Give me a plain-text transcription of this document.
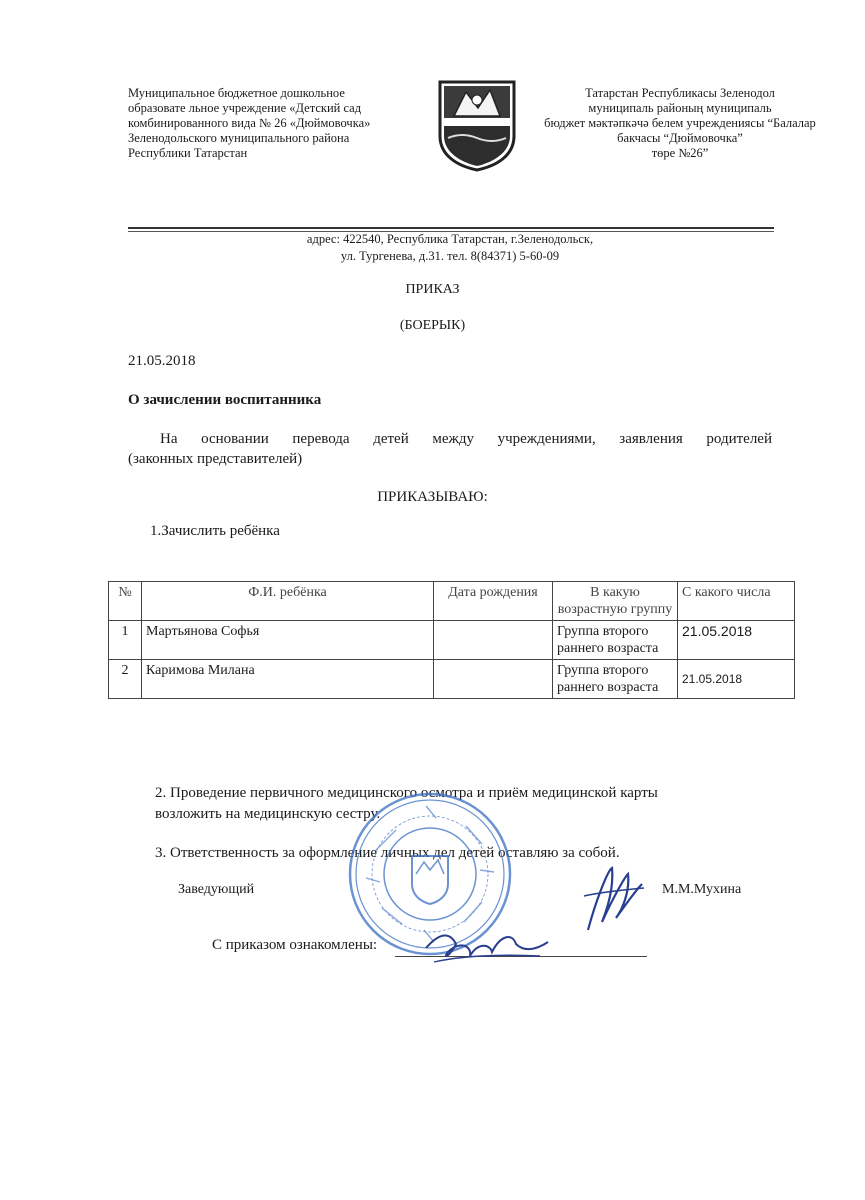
Муниципальное бюджетное дошкольное
образовате льное учреждение «Детский сад
комбинированного вида № 26 «Дюймовочка»
Зеленодольского муниципального района
Республики Татарстан
Татарстан Республикасы Зеленодол
муниципаль районың муниципаль
бюджет мәктәпкәчә белем учреждениясы “Балалар
бакчасы “Дюймовочка”
төре №26”
адрес: 422540, Республика Татарстан, г.Зеленодольск,
ул. Тургенева, д.31. тел. 8(84371) 5-60-09
ПРИКАЗ
(БОЕРЫК)
21.05.2018
О зачислении воспитанника
На основании перевода детей между учреждениями, заявления родителей
(законных представителей)
ПРИКАЗЫВАЮ:
1.Зачислить ребёнка
№	Ф.И. ребёнка	Дата рождения	В какую возрастную группу	С какого числа
1	Мартьянова Софья		Группа второго раннего возраста	21.05.2018
2	Каримова Милана		Группа второго раннего возраста	21.05.2018
2. Проведение первичного медицинского осмотра и приём медицинской карты
возложить на медицинскую сестру.
3. Ответственность за оформление личных дел детей оставляю за собой.
Заведующий	М.М.Мухина
С приказом ознакомлены:
